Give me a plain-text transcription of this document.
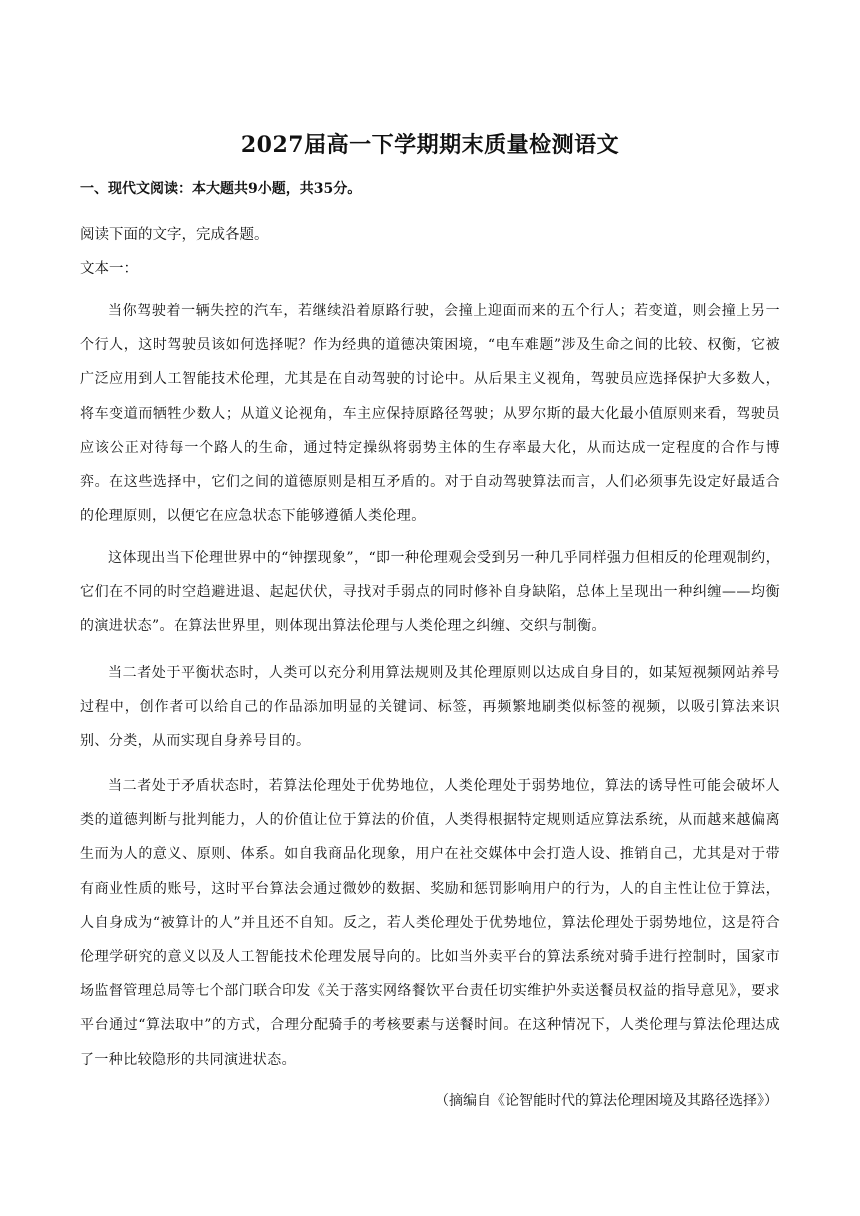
2027届高一下学期期末质量检测语文

一、现代文阅读：本大题共9小题，共35分。

阅读下面的文字，完成各题。

文本一：

当你驾驶着一辆失控的汽车，若继续沿着原路行驶，会撞上迎面而来的五个行人；若变道，则会撞上另一个行人，这时驾驶员该如何选择呢？作为经典的道德决策困境，“电车难题”涉及生命之间的比较、权衡，它被广泛应用到人工智能技术伦理，尤其是在自动驾驶的讨论中。从后果主义视角，驾驶员应选择保护大多数人，将车变道而牺牲少数人；从道义论视角，车主应保持原路径驾驶；从罗尔斯的最大化最小值原则来看，驾驶员应该公正对待每一个路人的生命，通过特定操纵将弱势主体的生存率最大化，从而达成一定程度的合作与博弈。在这些选择中，它们之间的道德原则是相互矛盾的。对于自动驾驶算法而言，人们必须事先设定好最适合的伦理原则，以便它在应急状态下能够遵循人类伦理。

这体现出当下伦理世界中的“钟摆现象”，“即一种伦理观会受到另一种几乎同样强力但相反的伦理观制约，它们在不同的时空趋避进退、起起伏伏，寻找对手弱点的同时修补自身缺陷，总体上呈现出一种纠缠——均衡的演进状态”。在算法世界里，则体现出算法伦理与人类伦理之纠缠、交织与制衡。

当二者处于平衡状态时，人类可以充分利用算法规则及其伦理原则以达成自身目的，如某短视频网站养号过程中，创作者可以给自己的作品添加明显的关键词、标签，再频繁地刷类似标签的视频，以吸引算法来识别、分类，从而实现自身养号目的。

当二者处于矛盾状态时，若算法伦理处于优势地位，人类伦理处于弱势地位，算法的诱导性可能会破坏人类的道德判断与批判能力，人的价值让位于算法的价值，人类得根据特定规则适应算法系统，从而越来越偏离生而为人的意义、原则、体系。如自我商品化现象，用户在社交媒体中会打造人设、推销自己，尤其是对于带有商业性质的账号，这时平台算法会通过微妙的数据、奖励和惩罚影响用户的行为，人的自主性让位于算法，人自身成为“被算计的人”并且还不自知。反之，若人类伦理处于优势地位，算法伦理处于弱势地位，这是符合伦理学研究的意义以及人工智能技术伦理发展导向的。比如当外卖平台的算法系统对骑手进行控制时，国家市场监督管理总局等七个部门联合印发《关于落实网络餐饮平台责任切实维护外卖送餐员权益的指导意见》，要求平台通过“算法取中”的方式，合理分配骑手的考核要素与送餐时间。在这种情况下，人类伦理与算法伦理达成了一种比较隐形的共同演进状态。

（摘编自《论智能时代的算法伦理困境及其路径选择》）
